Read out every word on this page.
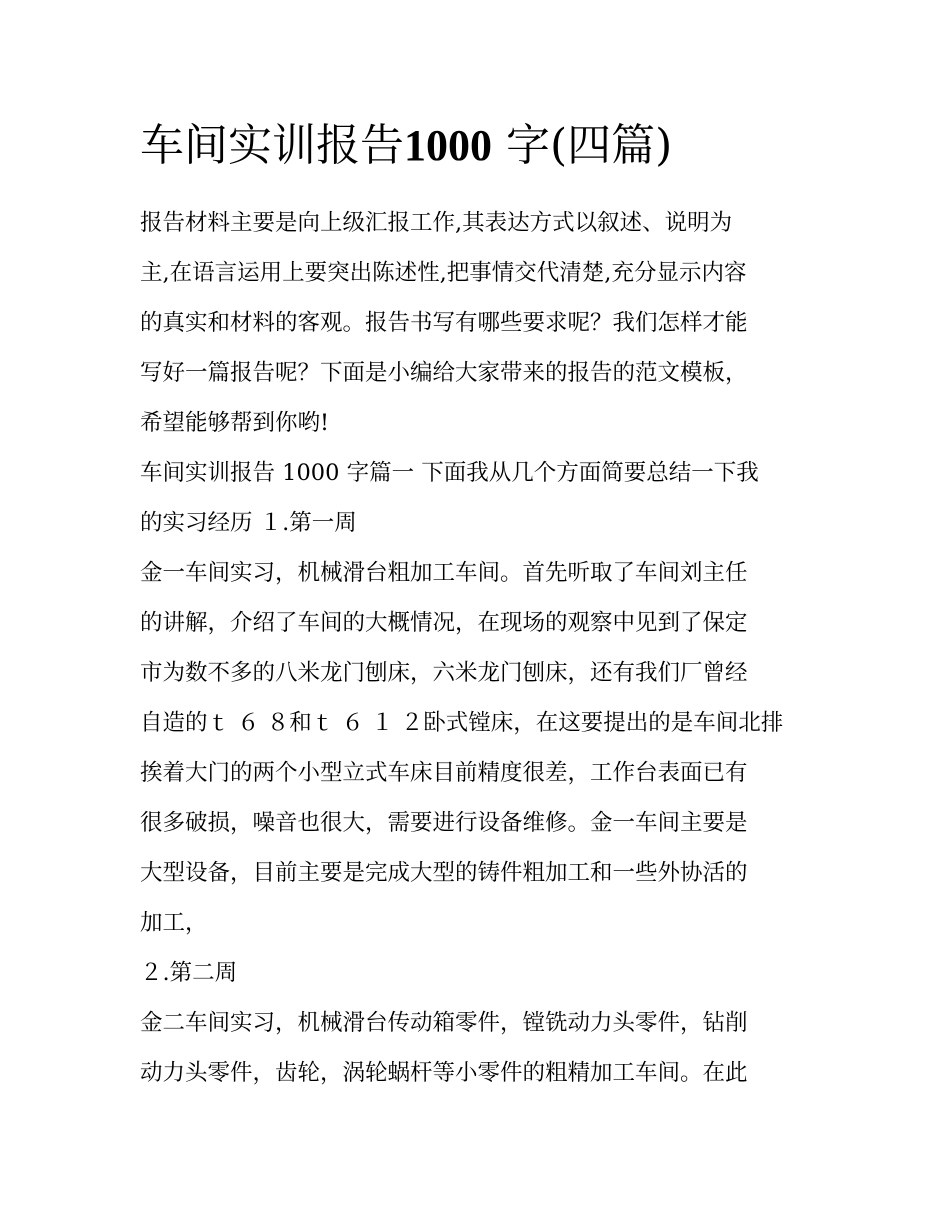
车间实训报告1000 字(四篇)
报告材料主要是向上级汇报工作,其表达方式以叙述、说明为
主,在语言运用上要突出陈述性,把事情交代清楚,充分显示内容
的真实和材料的客观。报告书写有哪些要求呢？我们怎样才能
写好一篇报告呢？下面是小编给大家带来的报告的范文模板，
希望能够帮到你哟!
车间实训报告 1000 字篇一 下面我从几个方面简要总结一下我
的实习经历 １.第一周
金一车间实习，机械滑台粗加工车间。首先听取了车间刘主任
的讲解，介绍了车间的大概情况，在现场的观察中见到了保定
市为数不多的八米龙门刨床，六米龙门刨床，还有我们厂曾经
自造的ｔ ６ ８和ｔ ６ １ ２卧式镗床，在这要提出的是车间北排
挨着大门的两个小型立式车床目前精度很差，工作台表面已有
很多破损，噪音也很大，需要进行设备维修。金一车间主要是
大型设备，目前主要是完成大型的铸件粗加工和一些外协活的
加工，
２.第二周
金二车间实习，机械滑台传动箱零件，镗铣动力头零件，钻削
动力头零件，齿轮，涡轮蜗杆等小零件的粗精加工车间。在此
